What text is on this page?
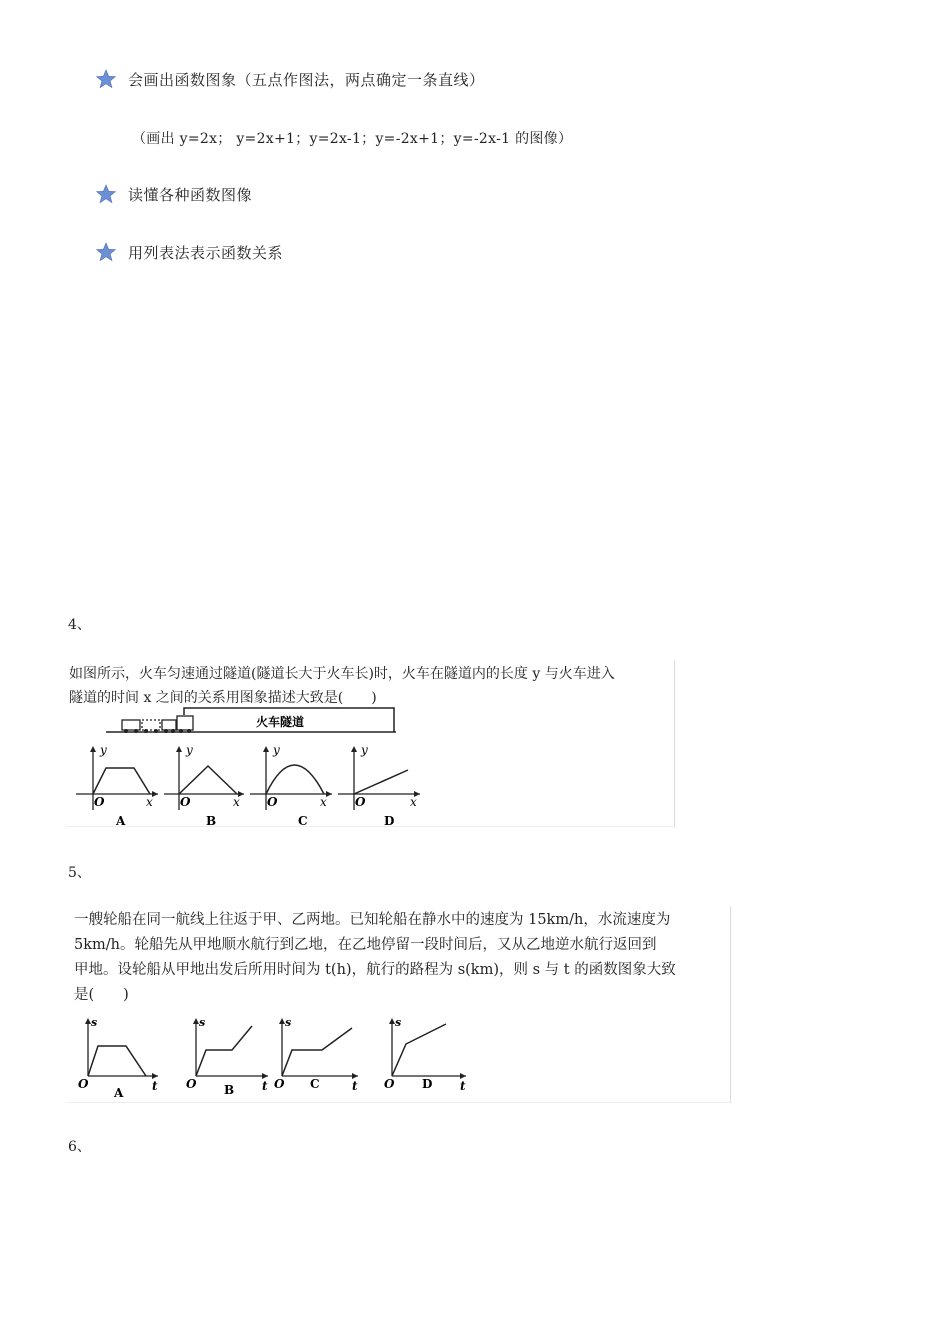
会画出函数图象（五点作图法，两点确定一条直线）
（画出 y=2x； y=2x+1；y=2x-1；y=-2x+1；y=-2x-1 的图像）
读懂各种函数图像
用列表法表示函数关系
4、
如图所示，火车匀速通过隧道(隧道长大于火车长)时，火车在隧道内的长度 y 与火车进入
隧道的时间 x 之间的关系用图象描述大致是(　　)
火车隧道
y
x
O
A
y
x
O
B
y
x
O
C
y
x
O
D
5、
一艘轮船在同一航线上往返于甲、乙两地。已知轮船在静水中的速度为 15km/h，水流速度为
5km/h。轮船先从甲地顺水航行到乙地，在乙地停留一段时间后，又从乙地逆水航行返回到
甲地。设轮船从甲地出发后所用时间为 t(h)，航行的路程为 s(km)，则 s 与 t 的函数图象大致
是(　　)
s
t
O
A
s
t
O B
s
t
O C
s
t
O D
6、
